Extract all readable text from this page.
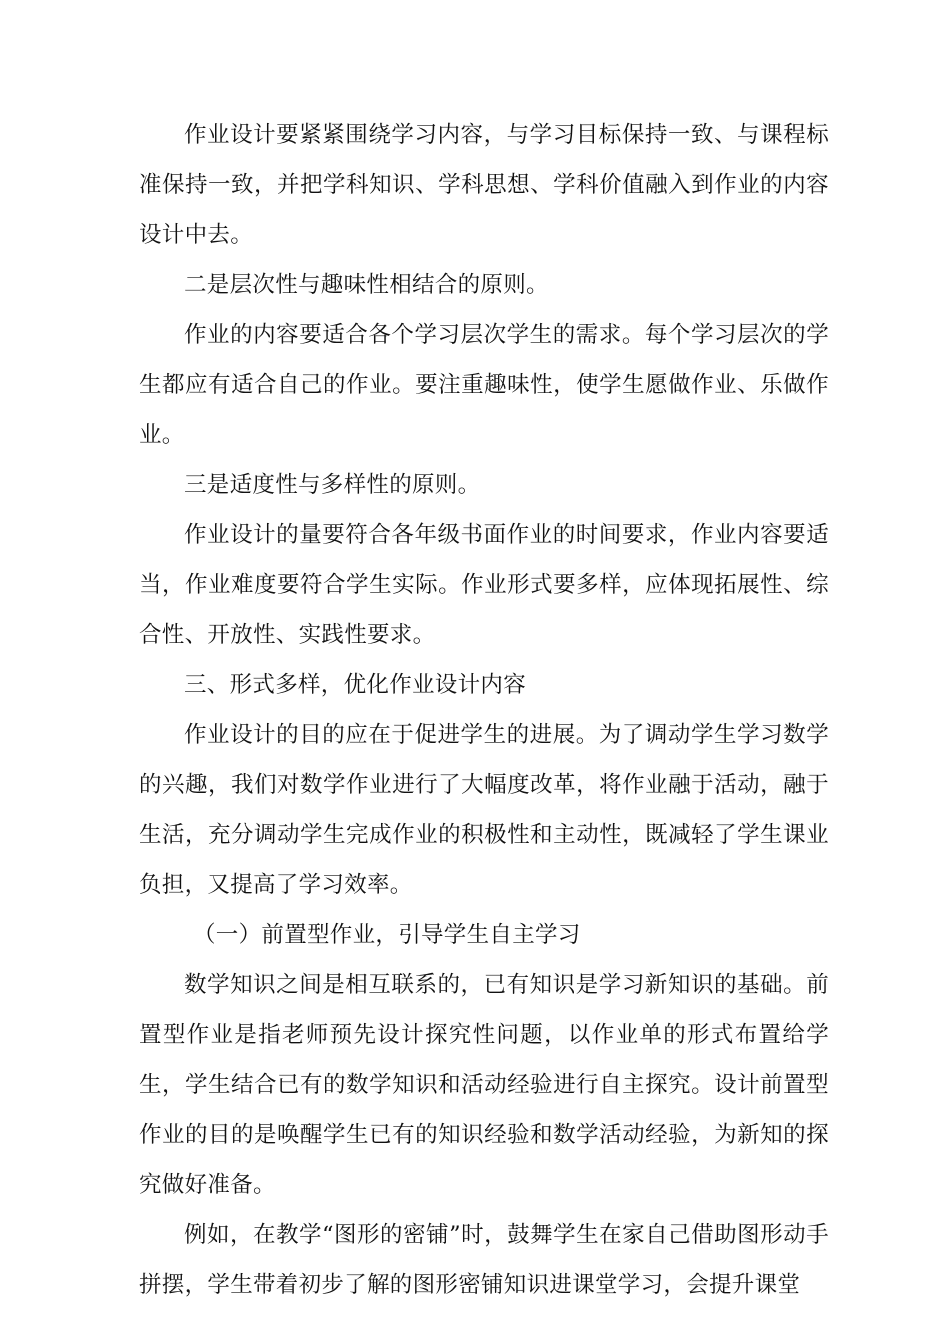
作业设计要紧紧围绕学习内容，与学习目标保持一致、与课程标准保持一致，并把学科知识、学科思想、学科价值融入到作业的内容设计中去。

二是层次性与趣味性相结合的原则。

作业的内容要适合各个学习层次学生的需求。每个学习层次的学生都应有适合自己的作业。要注重趣味性，使学生愿做作业、乐做作业。

三是适度性与多样性的原则。

作业设计的量要符合各年级书面作业的时间要求，作业内容要适当，作业难度要符合学生实际。作业形式要多样，应体现拓展性、综合性、开放性、实践性要求。

三、形式多样，优化作业设计内容

作业设计的目的应在于促进学生的进展。为了调动学生学习数学的兴趣，我们对数学作业进行了大幅度改革，将作业融于活动，融于生活，充分调动学生完成作业的积极性和主动性，既减轻了学生课业负担，又提高了学习效率。

（一）前置型作业，引导学生自主学习

数学知识之间是相互联系的，已有知识是学习新知识的基础。前置型作业是指老师预先设计探究性问题，以作业单的形式布置给学生，学生结合已有的数学知识和活动经验进行自主探究。设计前置型作业的目的是唤醒学生已有的知识经验和数学活动经验，为新知的探究做好准备。

例如，在教学“图形的密铺”时，鼓舞学生在家自己借助图形动手拼摆，学生带着初步了解的图形密铺知识进课堂学习，会提升课堂
